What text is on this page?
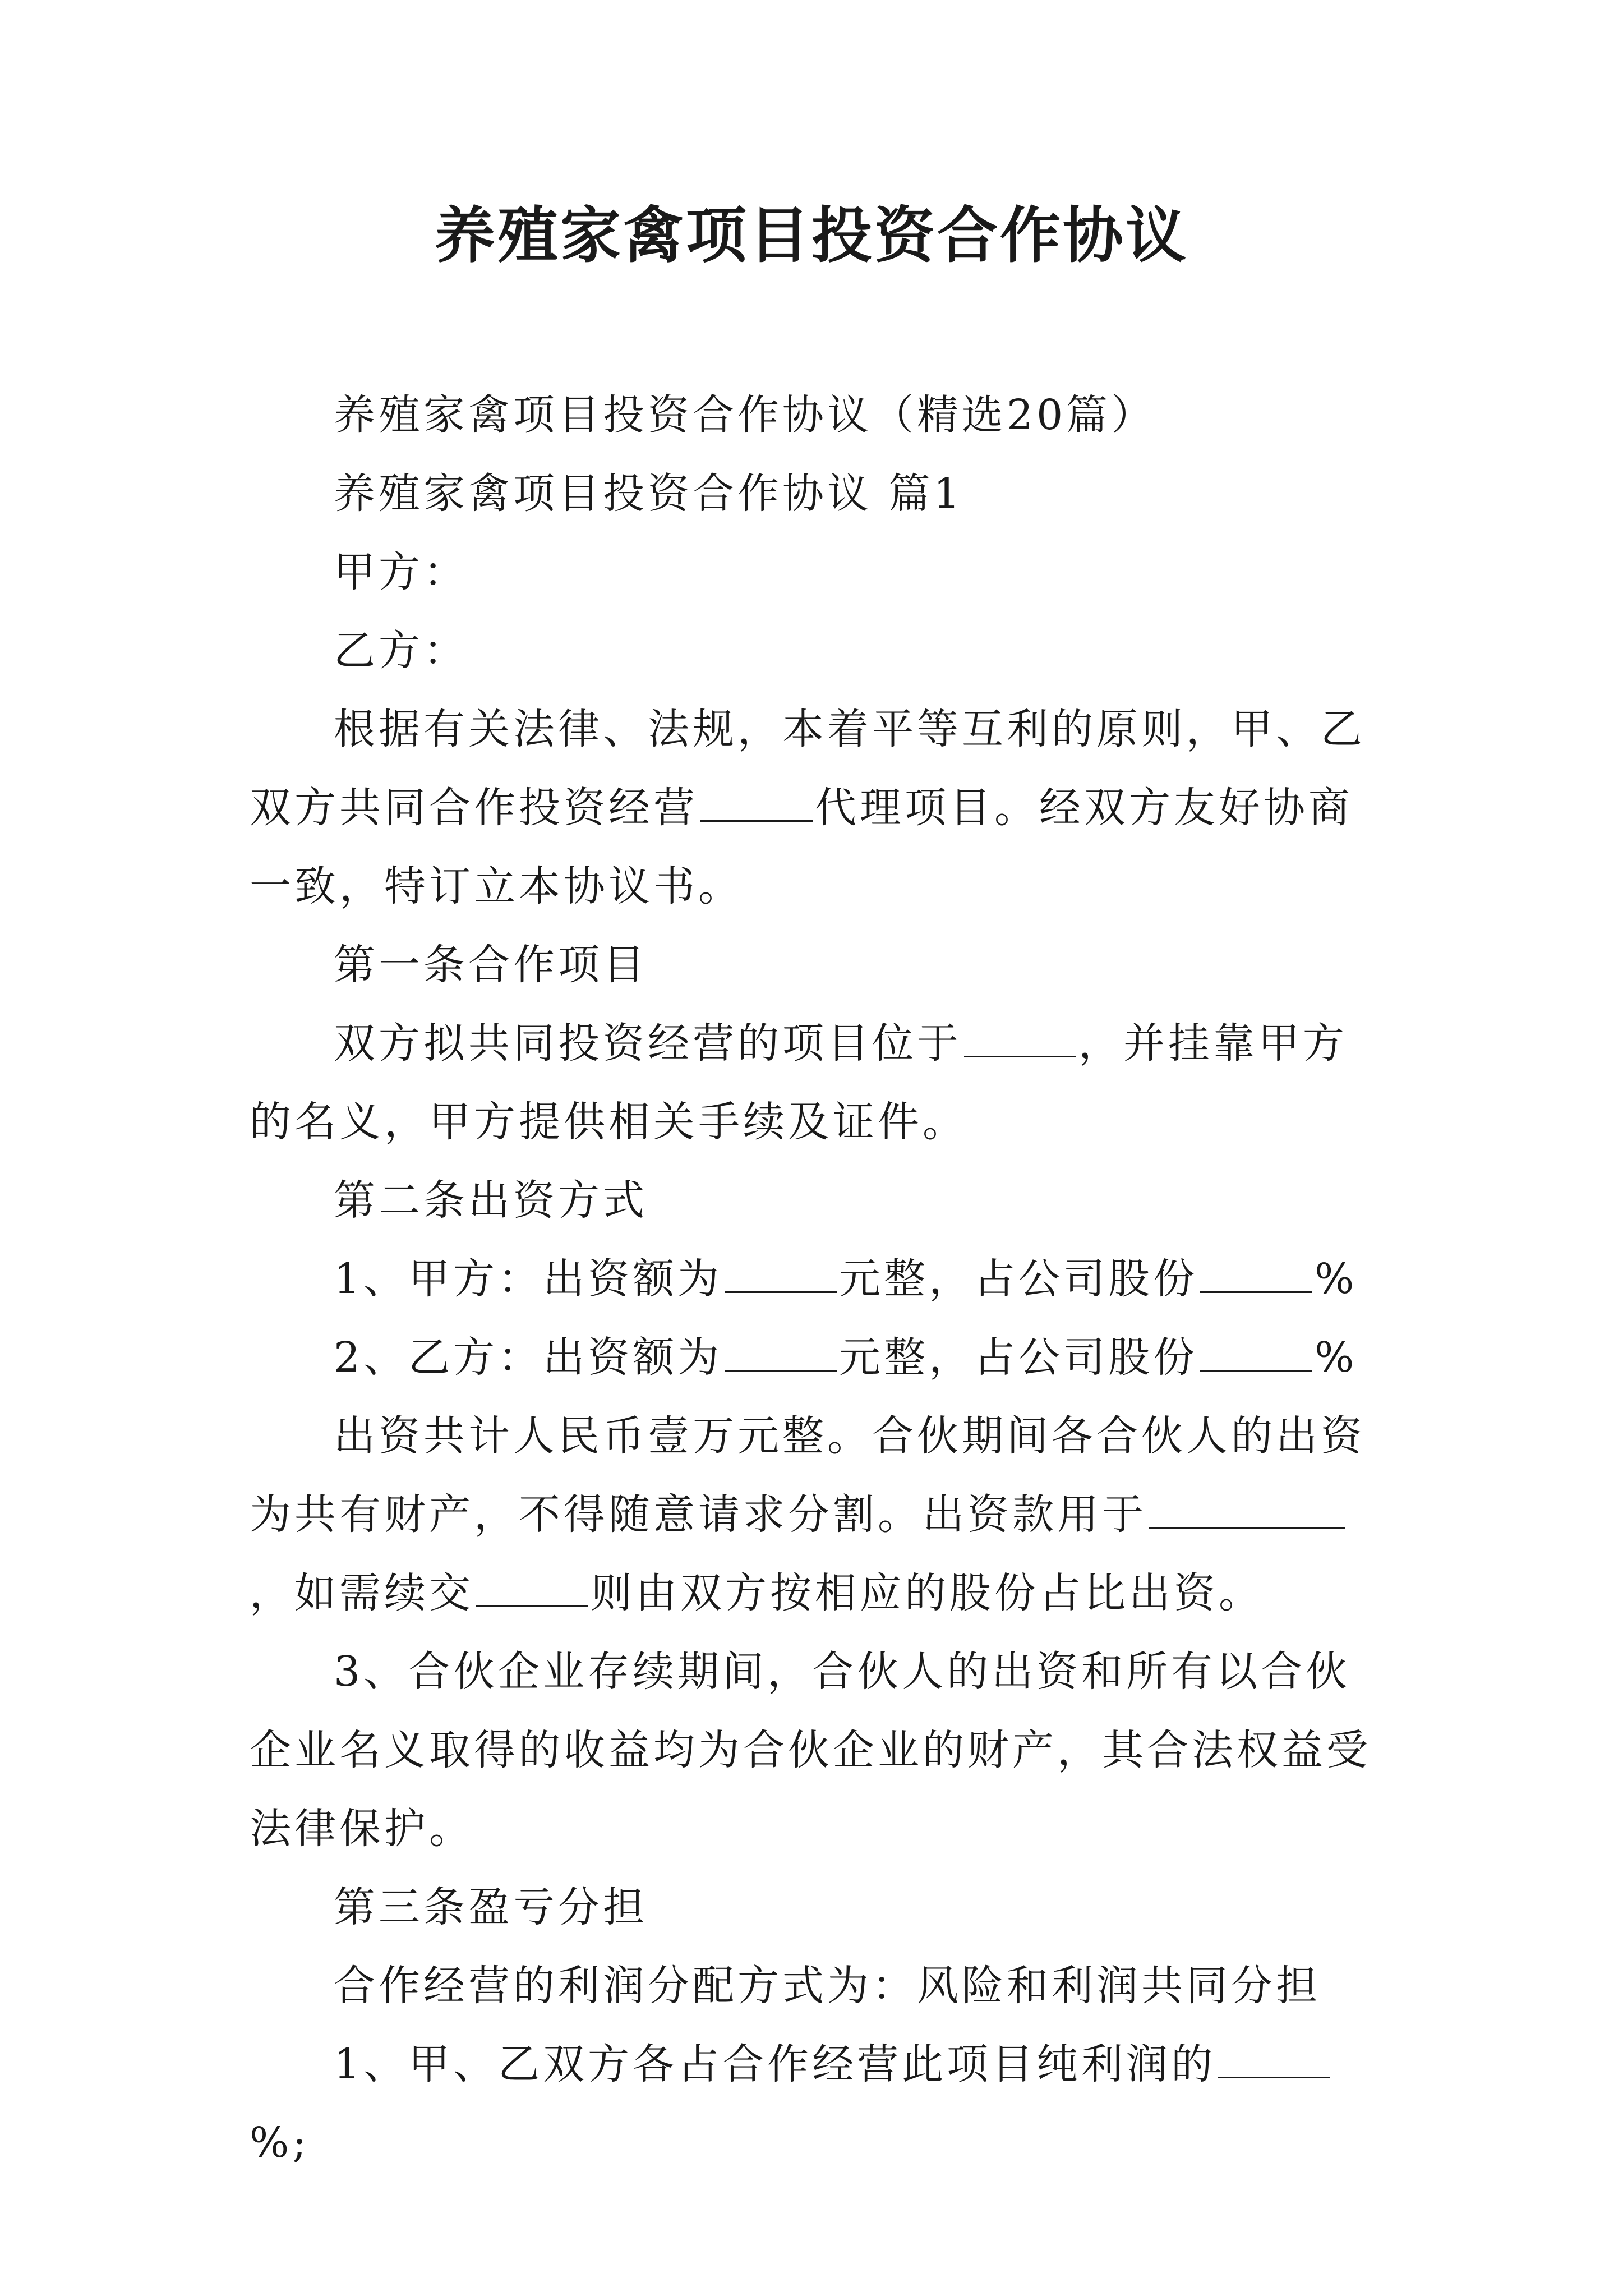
养殖家禽项目投资合作协议

养殖家禽项目投资合作协议（精选20篇）

养殖家禽项目投资合作协议 篇1

甲方：

乙方：

根据有关法律、法规，本着平等互利的原则，甲、乙双方共同合作投资经营	代理项目。经双方友好协商一致，特订立本协议书。

第一条合作项目

双方拟共同投资经营的项目位于	，并挂靠甲方的名义，甲方提供相关手续及证件。

第二条出资方式

1、甲方：出资额为	元整，占公司股份	%

2、乙方：出资额为	元整，占公司股份	%

出资共计人民币壹万元整。合伙期间各合伙人的出资为共有财产，不得随意请求分割。出资款用于，如需续交	则由双方按相应的股份占比出资。

3、合伙企业存续期间，合伙人的出资和所有以合伙企业名义取得的收益均为合伙企业的财产，其合法权益受法律保护。

第三条盈亏分担

合作经营的利润分配方式为：风险和利润共同分担

1、甲、乙双方各占合作经营此项目纯利润的%;
